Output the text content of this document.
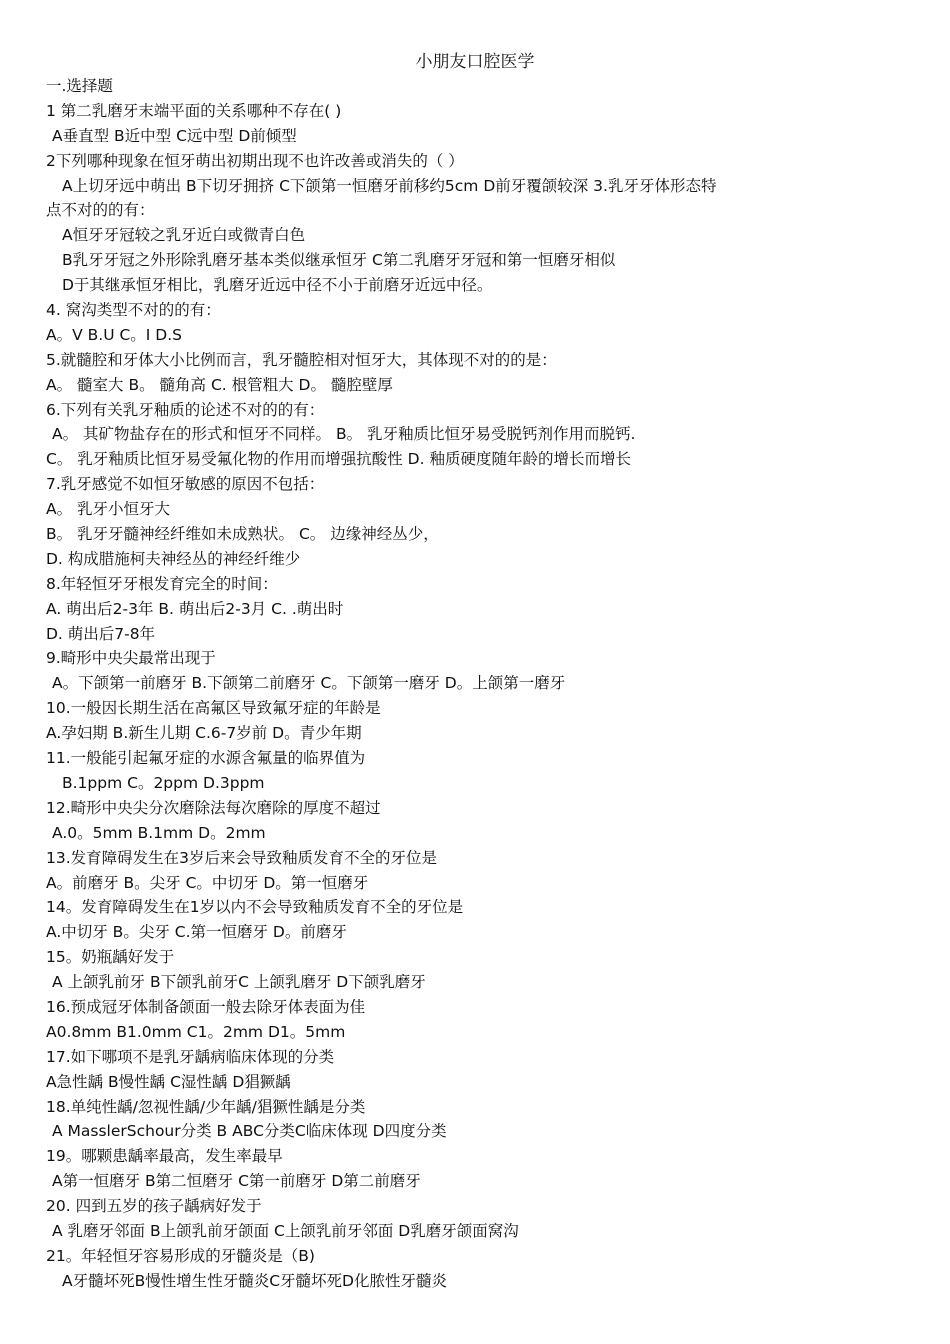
小朋友口腔医学
一.选择题
1 第二乳磨牙末端平面的关系哪种不存在( )
A垂直型 B近中型 C远中型 D前倾型
2下列哪种现象在恒牙萌出初期出现不也许改善或消失的（ ）
A上切牙远中萌出 B下切牙拥挤 C下颌第一恒磨牙前移约5cm D前牙覆颌较深 3.乳牙牙体形态特
点不对的的有：
A恒牙牙冠较之乳牙近白或微青白色
B乳牙牙冠之外形除乳磨牙基本类似继承恒牙 C第二乳磨牙牙冠和第一恒磨牙相似
D于其继承恒牙相比，乳磨牙近远中径不小于前磨牙近远中径。
4. 窝沟类型不对的的有：
A。V B.U C。I D.S
5.就髓腔和牙体大小比例而言，乳牙髓腔相对恒牙大，其体现不对的的是：
A。 髓室大 B。 髓角高 C. 根管粗大 D。 髓腔壁厚
6.下列有关乳牙釉质的论述不对的的有：
A。 其矿物盐存在的形式和恒牙不同样。 B。 乳牙釉质比恒牙易受脱钙剂作用而脱钙.
C。 乳牙釉质比恒牙易受氟化物的作用而增强抗酸性 D. 釉质硬度随年龄的增长而增长
7.乳牙感觉不如恒牙敏感的原因不包括：
A。 乳牙小恒牙大
B。 乳牙牙髓神经纤维如未成熟状。 C。 边缘神经丛少，
D. 构成腊施柯夫神经丛的神经纤维少
8.年轻恒牙牙根发育完全的时间：
A. 萌出后2-3年 B. 萌出后2-3月 C. .萌出时
D. 萌出后7-8年
9.畸形中央尖最常出现于
A。下颌第一前磨牙 B.下颌第二前磨牙 C。下颌第一磨牙 D。上颌第一磨牙
10.一般因长期生活在高氟区导致氟牙症的年龄是
A.孕妇期 B.新生儿期 C.6-7岁前 D。青少年期
11.一般能引起氟牙症的水源含氟量的临界值为
B.1ppm C。2ppm D.3ppm
12.畸形中央尖分次磨除法每次磨除的厚度不超过
A.0。5mm B.1mm D。2mm
13.发育障碍发生在3岁后来会导致釉质发育不全的牙位是
A。前磨牙 B。尖牙 C。中切牙 D。第一恒磨牙
14。发育障碍发生在1岁以内不会导致釉质发育不全的牙位是
A.中切牙 B。尖牙 C.第一恒磨牙 D。前磨牙
15。奶瓶龋好发于
A 上颌乳前牙 B下颌乳前牙C 上颌乳磨牙 D下颌乳磨牙
16.预成冠牙体制备颌面一般去除牙体表面为佳
A0.8mm B1.0mm C1。2mm D1。5mm
17.如下哪项不是乳牙龋病临床体现的分类
A急性龋 B慢性龋 C湿性龋 D猖獗龋
18.单纯性龋/忽视性龋/少年龋/猖獗性龋是分类
A MasslerSchour分类 B ABC分类C临床体现 D四度分类
19。哪颗患龋率最高，发生率最早
A第一恒磨牙 B第二恒磨牙 C第一前磨牙 D第二前磨牙
20. 四到五岁的孩子龋病好发于
A 乳磨牙邻面 B上颌乳前牙颌面 C上颌乳前牙邻面 D乳磨牙颌面窝沟
21。年轻恒牙容易形成的牙髓炎是（B)
A牙髓坏死B慢性增生性牙髓炎C牙髓坏死D化脓性牙髓炎
